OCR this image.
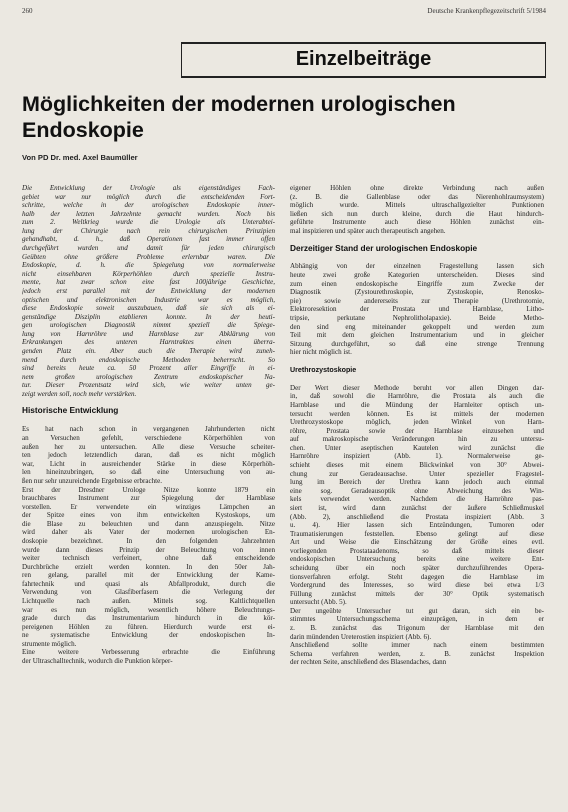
260	Deutsche Krankenpflegezeitschrift 5/1984
Einzelbeiträge
Möglichkeiten der modernen urologischen Endoskopie
Von PD Dr. med. Axel Baumüller

Die Entwicklung der Urologie als eigenständiges Fach-
gebiet war nur möglich durch die entscheidenden Fort-
schritte, welche in der urologischen Endoskopie inner-
halb der letzten Jahrzehnte gemacht wurden. Noch bis
zum 2. Weltkrieg wurde die Urologie als Unterabtei-
lung der Chirurgie nach rein chirurgischen Prinzipien
gehandhabt, d. h., daß Operationen fast immer offen
durchgeführt wurden und damit für jeden chirurgisch
Geübten ohne größere Probleme erlernbar waren. Die
Endoskopie, d. h. die Spiegelung von normalerweise
nicht einsehbaren Körperhöhlen durch spezielle Instru-
mente, hat zwar schon eine fast 100jährige Geschichte,
jedoch erst parallel mit der Entwicklung der modernen
optischen und elektronischen Industrie war es möglich,
diese Endoskopie soweit auszubauen, daß sie sich als ei-
genständige Disziplin etablieren konnte. In der heuti-
gen urologischen Diagnostik nimmt speziell die Spiege-
lung von Harnröhre und Harnblase zur Abklärung von
Erkrankungen des unteren Harntraktes einen überra-
genden Platz ein. Aber auch die Therapie wird zuneh-
mend durch endoskopische Methoden beherrscht. So
sind bereits heute ca. 50 Prozent aller Eingriffe in ei-
nem großen urologischen Zentrum endoskopischer Na-
tur. Dieser Prozentsatz wird sich, wie weiter unten ge-
zeigt werden soll, noch mehr verstärken.

Historische Entwicklung

Es hat nach schon in vergangenen Jahrhunderten nicht
an Versuchen gefehlt, verschiedene Körperhöhlen von
außen her zu untersuchen. Alle diese Versuche scheiter-
ten jedoch letztendlich daran, daß es nicht möglich
war, Licht in ausreichender Stärke in diese Körperhöh-
len hineinzubringen, so daß eine Untersuchung von au-
ßen nur sehr unzureichende Ergebnisse erbrachte.
Erst der Dresdner Urologe Nitze konnte 1879 ein
brauchbares Instrument zur Spiegelung der Harnblase
vorstellen. Er verwendete ein winziges Lämpchen an
der Spitze eines von ihm entwickelten Kystoskops, um
die Blase zu beleuchten und dann anzuspiegeln. Nitze
wird daher als Vater der modernen urologischen En-
doskopie bezeichnet. In den folgenden Jahrzehnten
wurde dann dieses Prinzip der Beleuchtung von innen
weiter technisch verfeinert, ohne daß entscheidende
Durchbrüche erzielt werden konnten. In den 50er Jah-
ren gelang, parallel mit der Entwicklung der Kame-
fahrtechnik und quasi als Abfallprodukt, durch die
Verwendung von Glasfiberfasern die Verlegung der
Lichtquelle nach außen. Mittels sog. Kaltlichtquellen
war es nun möglich, wesentlich höhere Beleuchtungs-
grade durch das Instrumentarium hindurch in die kör-
pereigenen Höhlen zu führen. Hierdurch wurde erst ei-
ne systematische Entwicklung der endoskopischen In-
strumente möglich.
Eine weitere Verbesserung erbrachte die Einführung
der Ultraschalltechnik, wodurch die Punktion körper-

eigener Höhlen ohne direkte Verbindung nach außen
(z. B. die Gallenblase oder das Nierenhohlraumsystem)
möglich wurde. Mittels ultraschallgezielter Punktionen
ließen sich nun durch kleine, durch die Haut hindurch-
geführte Instrumente auch diese Höhlen zunächst ein-
mal inspizieren und später auch therapeutisch angehen.

Derzeitiger Stand der urologischen Endoskopie

Abhängig von der einzelnen Fragestellung lassen sich
heute zwei große Kategorien unterscheiden. Dieses sind
zum einen endoskopische Eingriffe zum Zwecke der
Diagnostik (Zystourethroskopie, Zystoskopie, Renosko-
pie) sowie andererseits zur Therapie (Urethrotomie,
Elektroresektion der Prostata und Harnblase, Litho-
tripsie, perkutane Nephrolitholapaxie). Beide Metho-
den sind eng miteinander gekoppelt und werden zum
Teil mit dem gleichen Instrumentarium und in gleicher
Sitzung durchgeführt, so daß eine strenge Trennung
hier nicht möglich ist.

Urethrozystoskopie

Der Wert dieser Methode beruht vor allen Dingen dar-
in, daß sowohl die Harnröhre, die Prostata als auch die
Harnblase und die Mündung der Harnleiter optisch un-
tersucht werden können. Es ist mittels der modernen
Urethrozystoskope möglich, jeden Winkel von Harn-
röhre, Prostata sowie der Harnblase einzusehen und
auf makroskopische Veränderungen hin zu untersu-
chen. Unter aseptischen Kautelen wird zunächst die
Harnröhre inspiziert (Abb. 1). Normalerweise ge-
schieht dieses mit einem Blickwinkel von 30° Abwei-
chung zur Geradeausachse. Unter spezieller Fragestel-
lung im Bereich der Urethra kann jedoch auch einmal
eine sog. Geradeausoptik ohne Abweichung des Win-
kels verwendet werden. Nachdem die Harnröhre pas-
siert ist, wird dann zunächst der äußere Schließmuskel
(Abb. 2), anschließend die Prostata inspiziert (Abb. 3
u. 4). Hier lassen sich Entzündungen, Tumoren oder
Traumatisierungen feststellen. Ebenso gelingt auf diese
Art und Weise die Einschätzung der Größe eines evtl.
vorliegenden Prostataadenoms, so daß mittels dieser
endoskopischen Untersuchung bereits eine weitere Ent-
scheidung über ein noch später durchzuführendes Opera-
tionsverfahren erfolgt. Steht dagegen die Harnblase im
Vordergrund des Interesses, so wird diese bei etwa 1/3
Füllung zunächst mittels der 30° Optik systematisch
untersucht (Abb. 5).
Der ungeübte Untersucher tut gut daran, sich ein be-
stimmtes Untersuchungsschema einzuprägen, in dem er
z. B. zunächst das Trigonum der Harnblase mit den
darin mündenden Ureterostien inspiziert (Abb. 6).
Anschließend sollte immer nach einem bestimmten
Schema verfahren werden, z. B. zunächst Inspektion
der rechten Seite, anschließend des Blasendaches, dann
